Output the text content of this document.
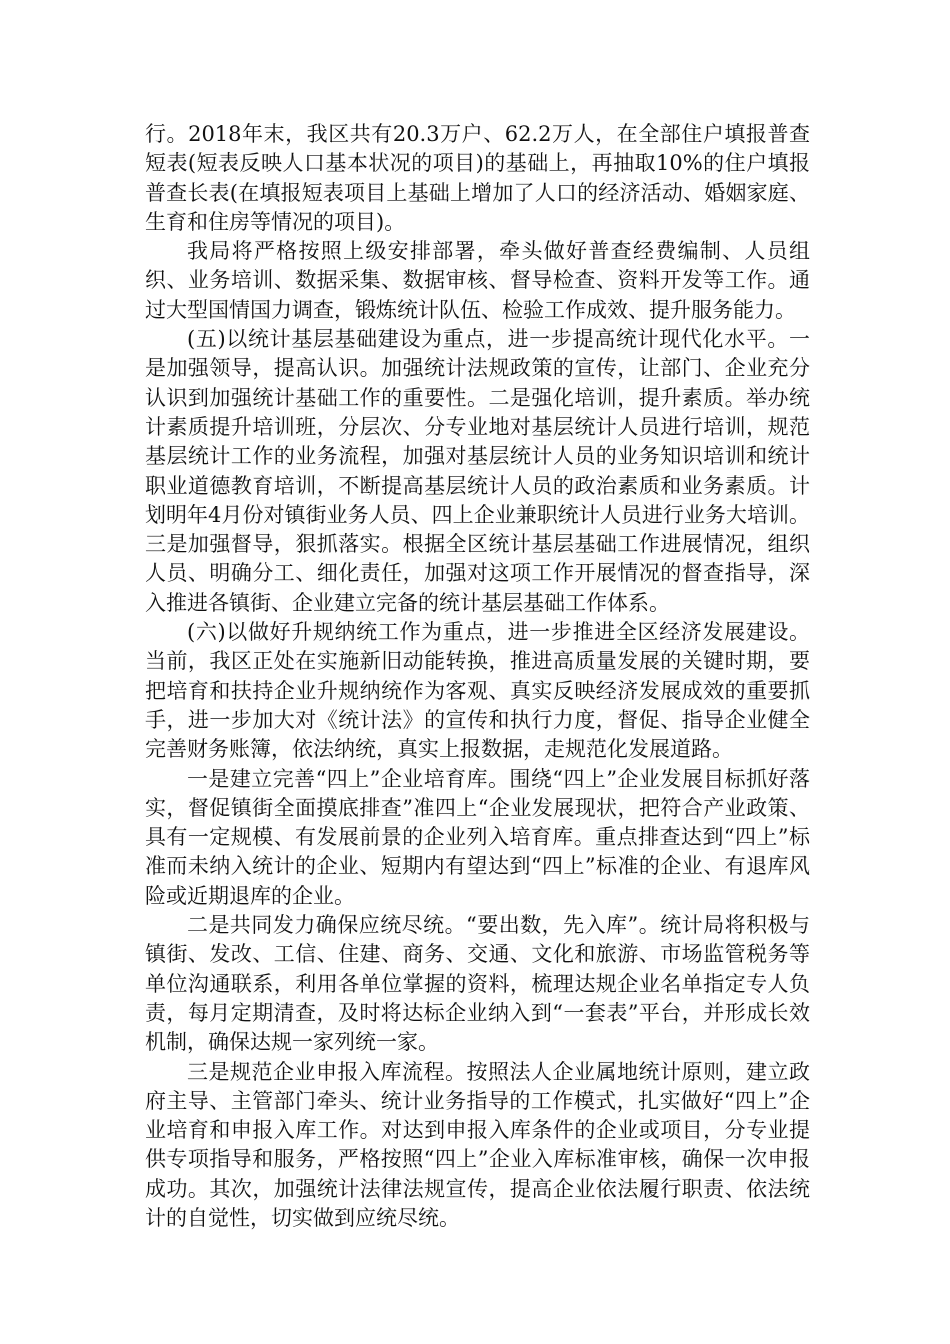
行。2018年末，我区共有20.3万户、62.2万人，在全部住户填报普查短表(短表反映人口基本状况的项目)的基础上，再抽取10%的住户填报普查长表(在填报短表项目上基础上增加了人口的经济活动、婚姻家庭、生育和住房等情况的项目)。

我局将严格按照上级安排部署，牵头做好普查经费编制、人员组织、业务培训、数据采集、数据审核、督导检查、资料开发等工作。通过大型国情国力调查，锻炼统计队伍、检验工作成效、提升服务能力。

(五)以统计基层基础建设为重点，进一步提高统计现代化水平。一是加强领导，提高认识。加强统计法规政策的宣传，让部门、企业充分认识到加强统计基础工作的重要性。二是强化培训，提升素质。举办统计素质提升培训班，分层次、分专业地对基层统计人员进行培训，规范基层统计工作的业务流程，加强对基层统计人员的业务知识培训和统计职业道德教育培训，不断提高基层统计人员的政治素质和业务素质。计划明年4月份对镇街业务人员、四上企业兼职统计人员进行业务大培训。三是加强督导，狠抓落实。根据全区统计基层基础工作进展情况，组织人员、明确分工、细化责任，加强对这项工作开展情况的督查指导，深入推进各镇街、企业建立完备的统计基层基础工作体系。

(六)以做好升规纳统工作为重点，进一步推进全区经济发展建设。当前，我区正处在实施新旧动能转换，推进高质量发展的关键时期，要把培育和扶持企业升规纳统作为客观、真实反映经济发展成效的重要抓手，进一步加大对《统计法》的宣传和执行力度，督促、指导企业健全完善财务账簿，依法纳统，真实上报数据，走规范化发展道路。

一是建立完善“四上”企业培育库。围绕“四上”企业发展目标抓好落实，督促镇街全面摸底排查”准四上“企业发展现状，把符合产业政策、具有一定规模、有发展前景的企业列入培育库。重点排查达到“四上”标准而未纳入统计的企业、短期内有望达到“四上”标准的企业、有退库风险或近期退库的企业。

二是共同发力确保应统尽统。“要出数，先入库”。统计局将积极与镇街、发改、工信、住建、商务、交通、文化和旅游、市场监管税务等单位沟通联系，利用各单位掌握的资料，梳理达规企业名单指定专人负责，每月定期清查，及时将达标企业纳入到“一套表”平台，并形成长效机制，确保达规一家列统一家。

三是规范企业申报入库流程。按照法人企业属地统计原则，建立政府主导、主管部门牵头、统计业务指导的工作模式，扎实做好“四上”企业培育和申报入库工作。对达到申报入库条件的企业或项目，分专业提供专项指导和服务，严格按照“四上”企业入库标准审核，确保一次申报成功。其次，加强统计法律法规宣传，提高企业依法履行职责、依法统计的自觉性，切实做到应统尽统。
